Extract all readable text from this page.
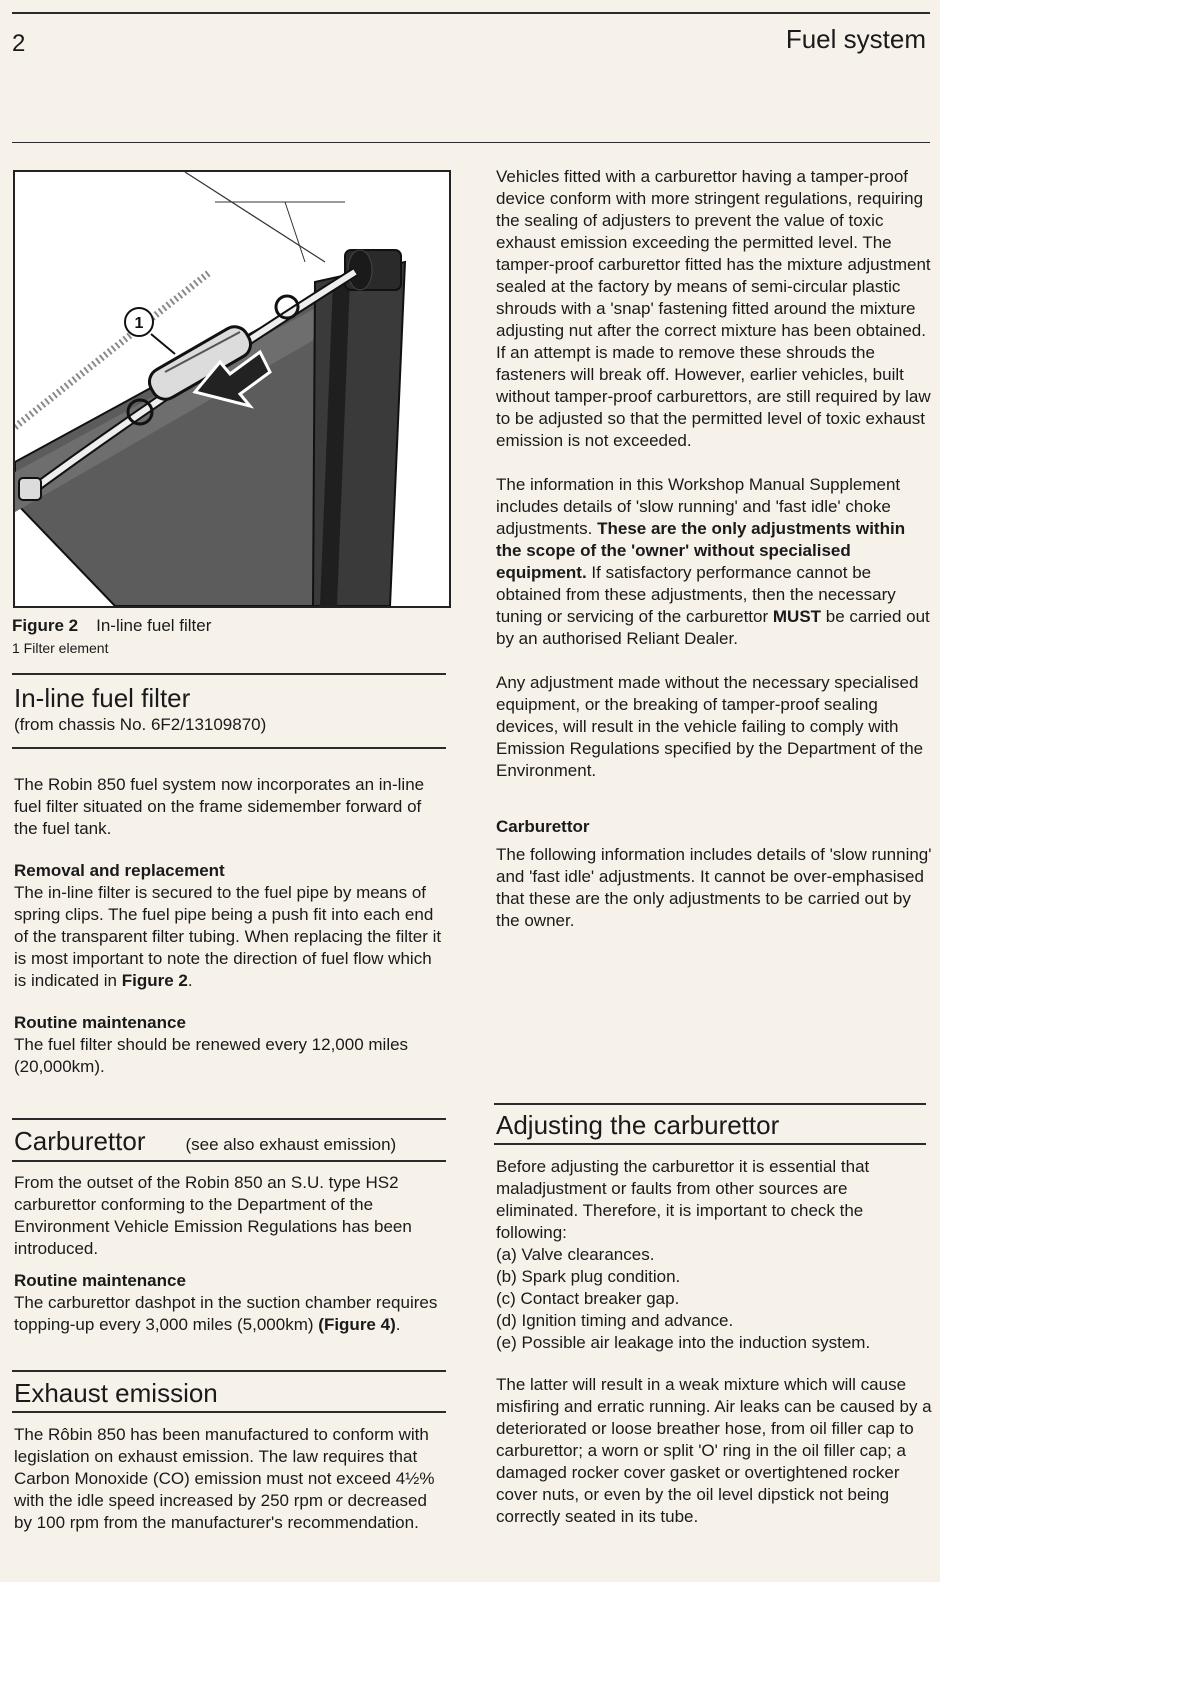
2	Fuel system
1
Figure 2 In-line fuel filter
1 Filter element
In-line fuel filter
(from chassis No. 6F2/13109870)

The Robin 850 fuel system now incorporates an in-line fuel filter situated on the frame sidemember forward of the fuel tank.

Removal and replacement

The in-line filter is secured to the fuel pipe by means of spring clips. The fuel pipe being a push fit into each end of the transparent filter tubing. When replacing the filter it is most important to note the direction of fuel flow which is indicated in Figure 2.

Routine maintenance

The fuel filter should be renewed every 12,000 miles (20,000km).

Carburettor (see also exhaust emission)

From the outset of the Robin 850 an S.U. type HS2 carburettor conforming to the Department of the Environment Vehicle Emission Regulations has been introduced.

Routine maintenance

The carburettor dashpot in the suction chamber requires topping-up every 3,000 miles (5,000km) (Figure 4).

Exhaust emission

The Rôbin 850 has been manufactured to conform with legislation on exhaust emission. The law requires that Carbon Monoxide (CO) emission must not exceed 4½% with the idle speed increased by 250 rpm or decreased by 100 rpm from the manufacturer's recommendation.

Vehicles fitted with a carburettor having a tamper-proof device conform with more stringent regulations, requiring the sealing of adjusters to prevent the value of toxic exhaust emission exceeding the permitted level. The tamper-proof carburettor fitted has the mixture adjustment sealed at the factory by means of semi-circular plastic shrouds with a 'snap' fastening fitted around the mixture adjusting nut after the correct mixture has been obtained. If an attempt is made to remove these shrouds the fasteners will break off. However, earlier vehicles, built without tamper-proof carburettors, are still required by law to be adjusted so that the permitted level of toxic exhaust emission is not exceeded.

The information in this Workshop Manual Supplement includes details of 'slow running' and 'fast idle' choke adjustments. These are the only adjustments within the scope of the 'owner' without specialised equipment. If satisfactory performance cannot be obtained from these adjustments, then the necessary tuning or servicing of the carburettor MUST be carried out by an authorised Reliant Dealer.

Any adjustment made without the necessary specialised equipment, or the breaking of tamper-proof sealing devices, will result in the vehicle failing to comply with Emission Regulations specified by the Department of the Environment.

Carburettor

The following information includes details of 'slow running' and 'fast idle' adjustments. It cannot be over-emphasised that these are the only adjustments to be carried out by the owner.

Adjusting the carburettor

Before adjusting the carburettor it is essential that maladjustment or faults from other sources are eliminated. Therefore, it is important to check the following:

(a) Valve clearances.

(b) Spark plug condition.

(c) Contact breaker gap.

(d) Ignition timing and advance.

(e) Possible air leakage into the induction system.

The latter will result in a weak mixture which will cause misfiring and erratic running. Air leaks can be caused by a deteriorated or loose breather hose, from oil filler cap to carburettor; a worn or split 'O' ring in the oil filler cap; a damaged rocker cover gasket or overtightened rocker cover nuts, or even by the oil level dipstick not being correctly seated in its tube.
